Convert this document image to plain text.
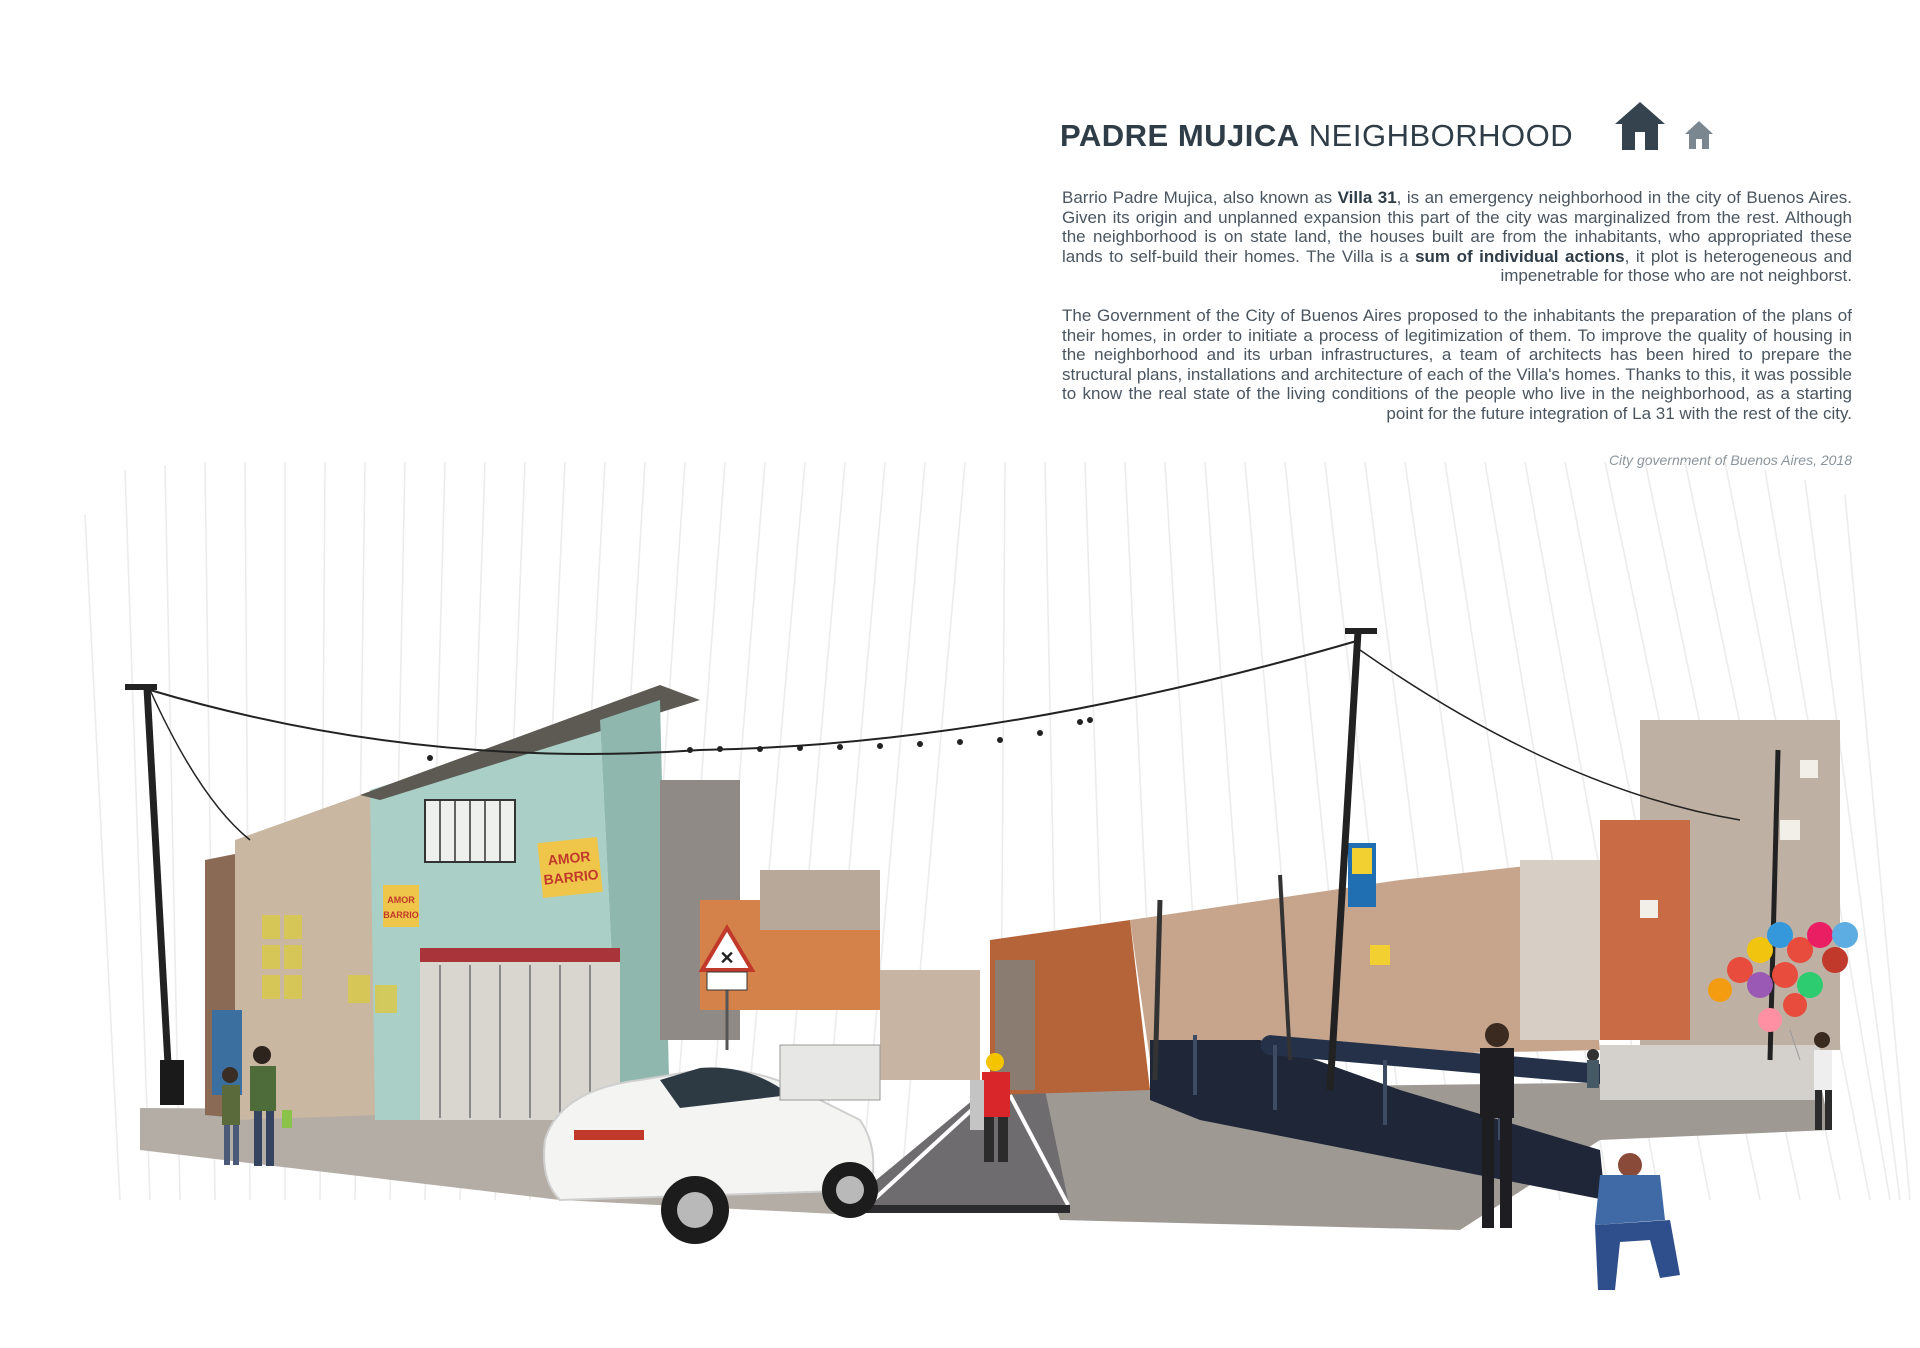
PADRE MUJICA NEIGHBORHOOD

Barrio Padre Mujica, also known as Villa 31, is an emergency neighborhood in the city of Buenos Aires. Given its origin and unplanned expansion this part of the city was marginalized from the rest. Although the neighborhood is on state land, the houses built are from the inhabitants, who appropriated these lands to self-build their homes. The Villa is a sum of individual actions, it plot is heterogeneous and impenetrable for those who are not neighborst.

The Government of the City of Buenos Aires proposed to the inhabitants the preparation of the plans of their homes, in order to initiate a process of legitimization of them. To improve the quality of housing in the neighborhood and its urban infrastructures, a team of architects has been hired to prepare the structural plans, installations and architecture of each of the Villa's homes. Thanks to this, it was possible to know the real state of the living conditions of the people who live in the neighborhood, as a starting point for the future integration of La 31 with the rest of the city.

City government of Buenos Aires, 2018
AMOR
BARRIO
AMOR
BARRIO
✕
